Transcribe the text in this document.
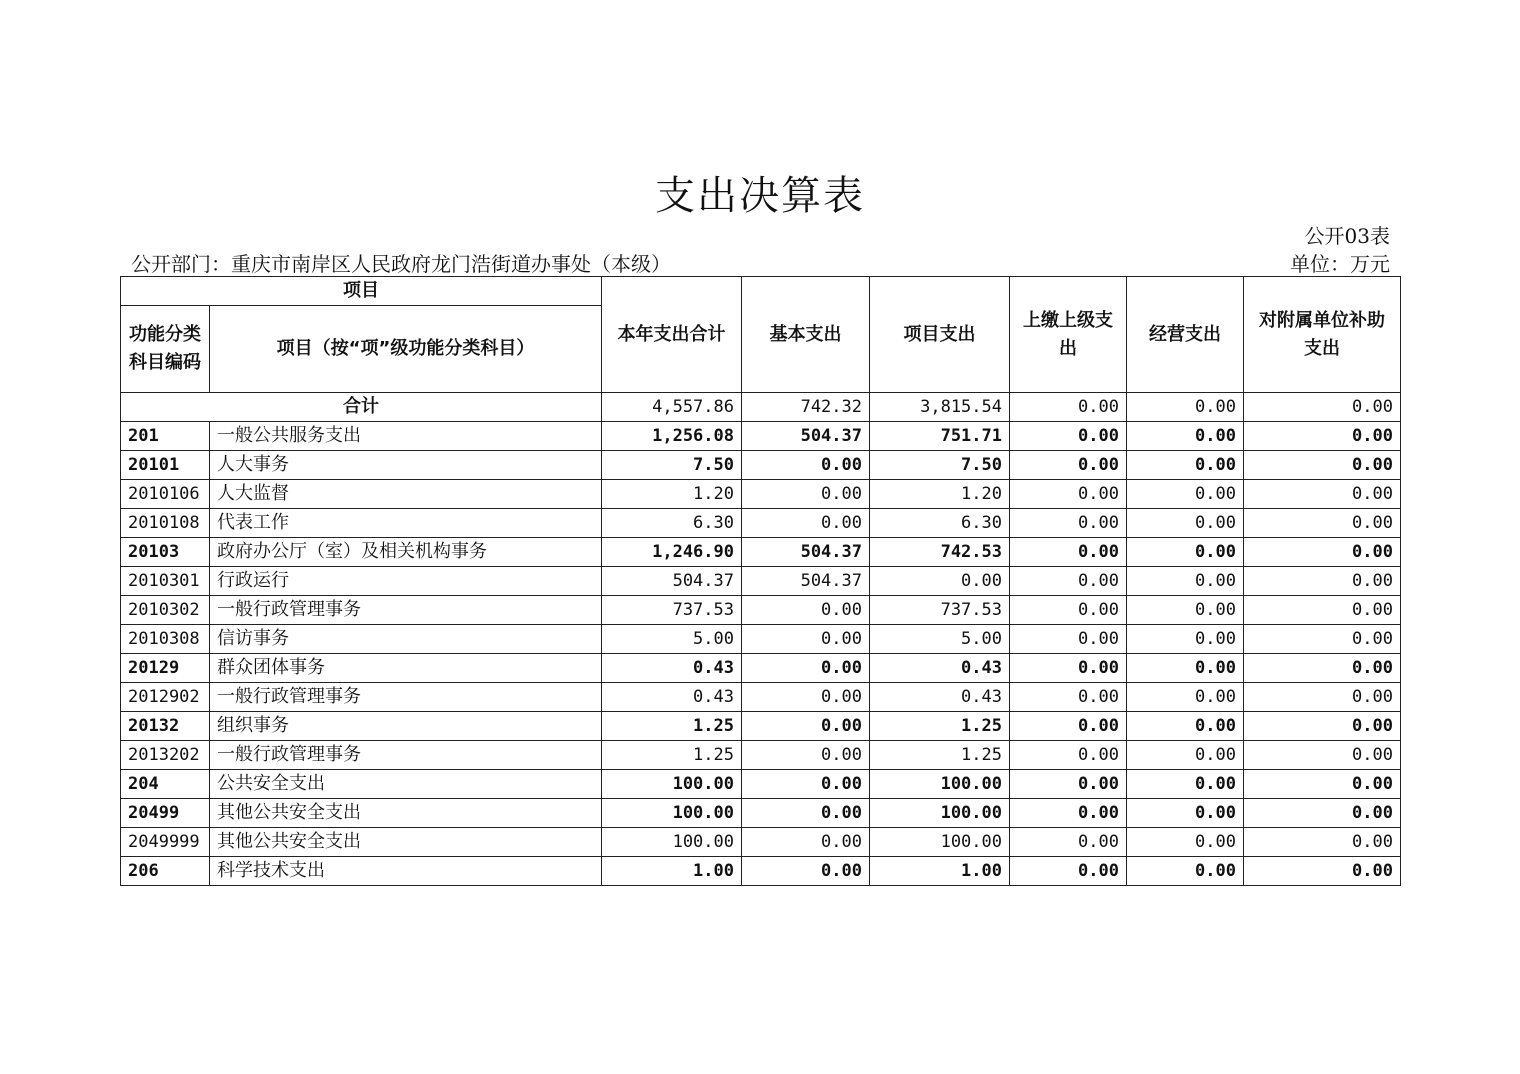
支出决算表
公开03表
公开部门：重庆市南岸区人民政府龙门浩街道办事处（本级）	单位：万元
项目		本年支出合计	基本支出	项目支出	上缴上级支出	经营支出	对附属单位补助支出
功能分类科目编码	项目（按“项”级功能分类科目）						
合计		4,557.86	742.32	3,815.54	0.00	0.00	0.00
201	一般公共服务支出	1,256.08	504.37	751.71	0.00	0.00	0.00
20101	人大事务	7.50	0.00	7.50	0.00	0.00	0.00
2010106	人大监督	1.20	0.00	1.20	0.00	0.00	0.00
2010108	代表工作	6.30	0.00	6.30	0.00	0.00	0.00
20103	政府办公厅（室）及相关机构事务	1,246.90	504.37	742.53	0.00	0.00	0.00
2010301	行政运行	504.37	504.37	0.00	0.00	0.00	0.00
2010302	一般行政管理事务	737.53	0.00	737.53	0.00	0.00	0.00
2010308	信访事务	5.00	0.00	5.00	0.00	0.00	0.00
20129	群众团体事务	0.43	0.00	0.43	0.00	0.00	0.00
2012902	一般行政管理事务	0.43	0.00	0.43	0.00	0.00	0.00
20132	组织事务	1.25	0.00	1.25	0.00	0.00	0.00
2013202	一般行政管理事务	1.25	0.00	1.25	0.00	0.00	0.00
204	公共安全支出	100.00	0.00	100.00	0.00	0.00	0.00
20499	其他公共安全支出	100.00	0.00	100.00	0.00	0.00	0.00
2049999	其他公共安全支出	100.00	0.00	100.00	0.00	0.00	0.00
206	科学技术支出	1.00	0.00	1.00	0.00	0.00	0.00
